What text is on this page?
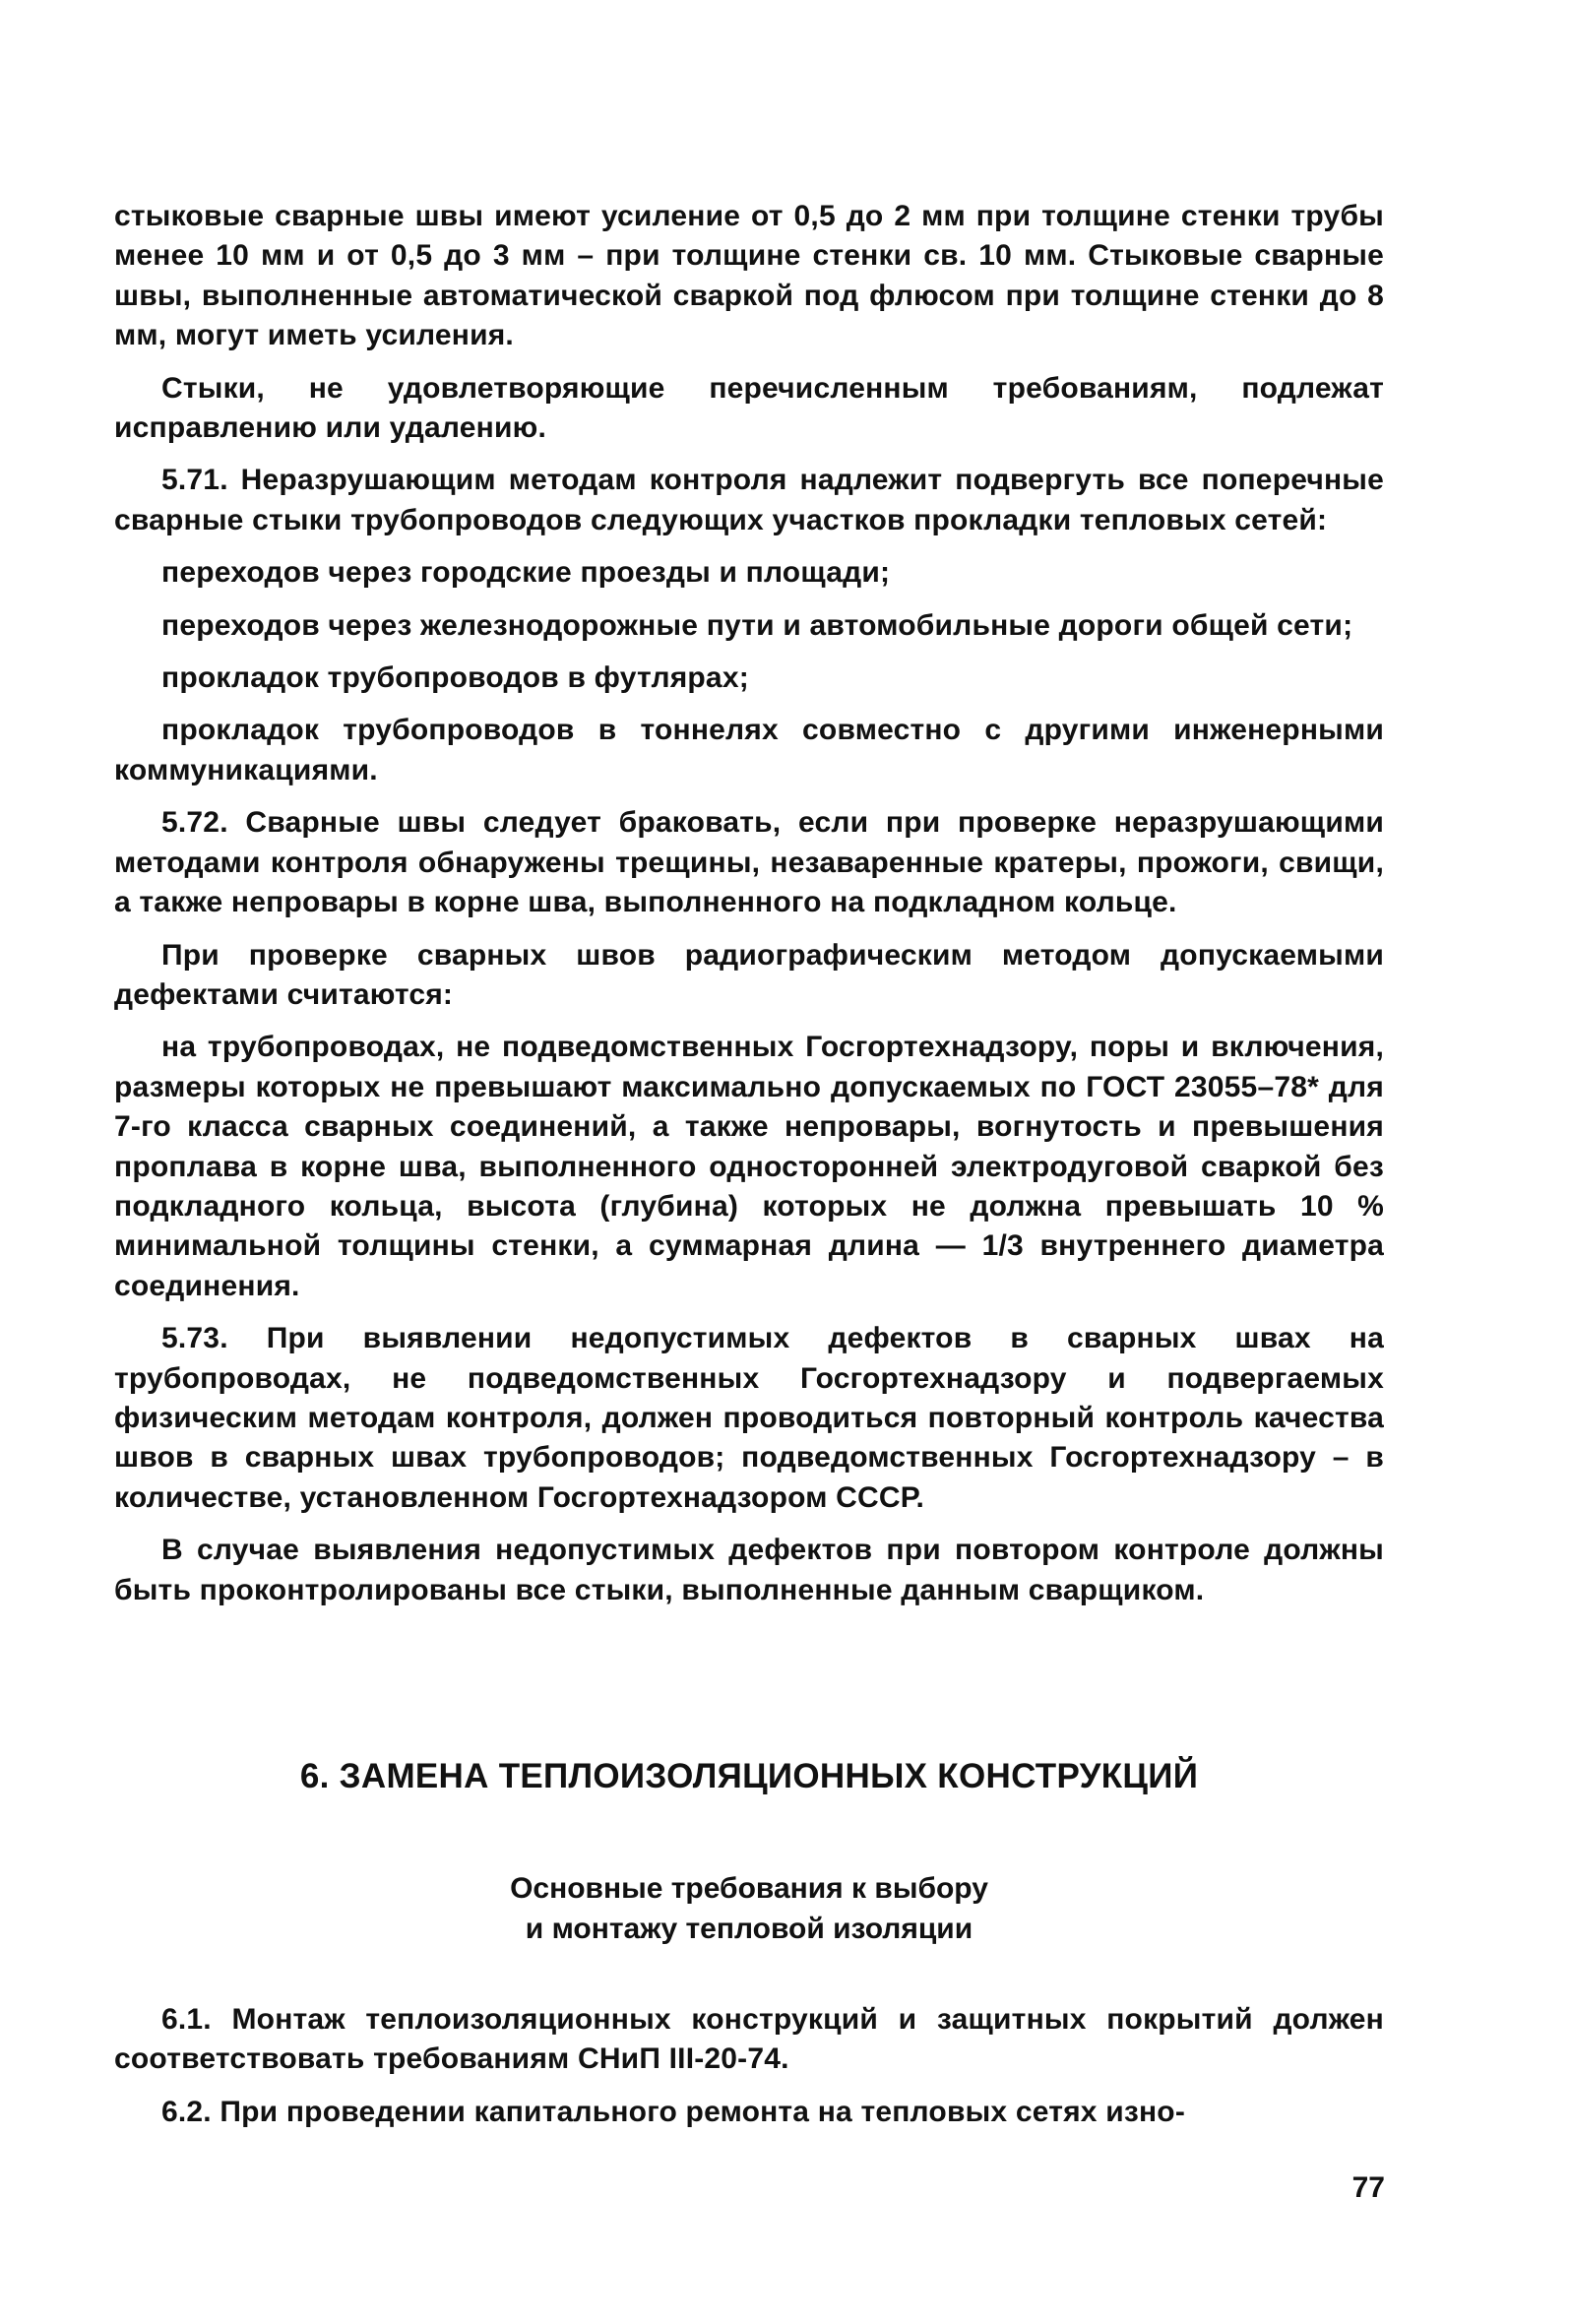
стыковые сварные швы имеют усиление от 0,5 до 2 мм при толщине стенки трубы менее 10 мм и от 0,5 до 3 мм – при толщине стенки св. 10 мм. Стыковые сварные швы, выполненные автоматической сваркой под флюсом при толщине стенки до 8 мм, могут иметь усиления.

Стыки, не удовлетворяющие перечисленным требованиям, подлежат исправлению или удалению.

5.71. Неразрушающим методам контроля надлежит подвергуть все поперечные сварные стыки трубопроводов следующих участков прокладки тепловых сетей:

переходов через городские проезды и площади;

переходов через железнодорожные пути и автомобильные дороги общей сети;

прокладок трубопроводов в футлярах;

прокладок трубопроводов в тоннелях совместно с другими инженерными коммуникациями.

5.72. Сварные швы следует браковать, если при проверке неразрушающими методами контроля обнаружены трещины, незаваренные кратеры, прожоги, свищи, а также непровары в корне шва, выполненного на подкладном кольце.

При проверке сварных швов радиографическим методом допускаемыми дефектами считаются:

на трубопроводах, не подведомственных Госгортехнадзору, поры и включения, размеры которых не превышают максимально допускаемых по ГОСТ 23055–78* для 7-го класса сварных соединений, а также непровары, вогнутость и превышения проплава в корне шва, выполненного односторонней электродуговой сваркой без подкладного кольца, высота (глубина) которых не должна превышать 10 % минимальной толщины стенки, а суммарная длина — 1/3 внутреннего диаметра соединения.

5.73. При выявлении недопустимых дефектов в сварных швах на трубопроводах, не подведомственных Госгортехнадзору и подвергаемых физическим методам контроля, должен проводиться повторный контроль качества швов в сварных швах трубопроводов; подведомственных Госгортехнадзору – в количестве, установленном Госгортехнадзором СССР.

В случае выявления недопустимых дефектов при повтором контроле должны быть проконтролированы все стыки, выполненные данным сварщиком.

6. ЗАМЕНА ТЕПЛОИЗОЛЯЦИОННЫХ КОНСТРУКЦИЙ
Основные требования к выбору
и монтажу тепловой изоляции

6.1. Монтаж теплоизоляционных конструкций и защитных покрытий должен соответствовать требованиям СНиП III-20-74.

6.2. При проведении капитального ремонта на тепловых сетях изно-

77
